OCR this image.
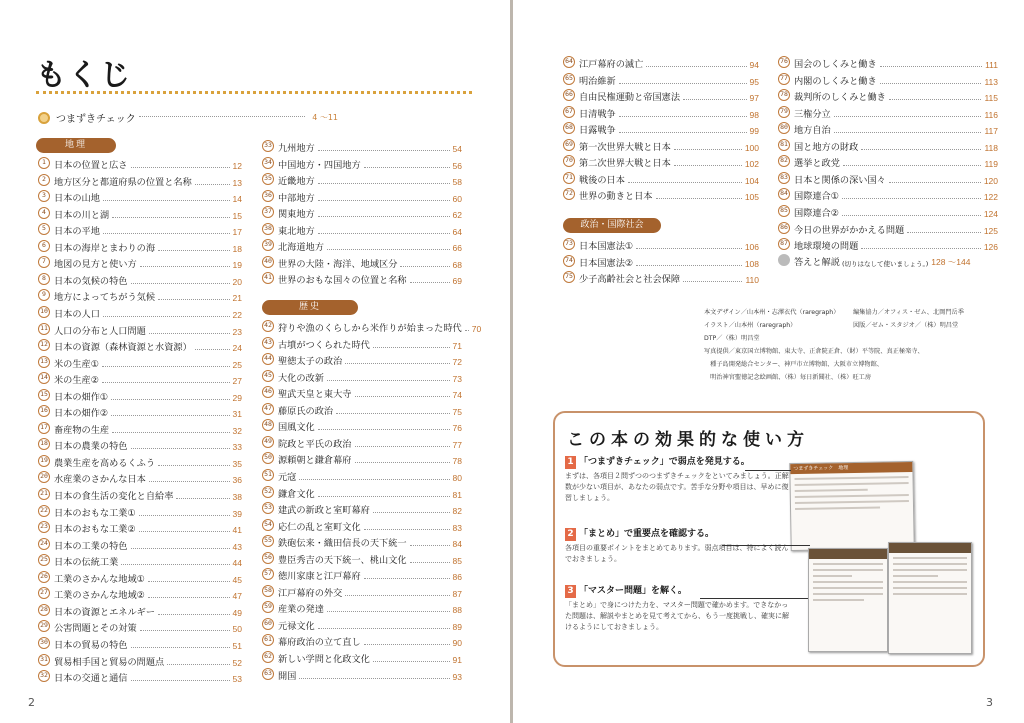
もくじ
つまずきチェック	4 ～11
地理
歴史
1 日本の位置と広さ	12
2 地方区分と都道府県の位置と名称	13
3 日本の山地	14
4 日本の川と湖	15
5 日本の平地	17
6 日本の海岸とまわりの海	18
7 地図の見方と使い方	19
8 日本の気候の特色	20
9 地方によってちがう気候	21
10 日本の人口	22
11 人口の分布と人口問題	23
12 日本の資源（森林資源と水資源）	24
13 米の生産①	25
14 米の生産②	27
15 日本の畑作①	29
16 日本の畑作②	31
17 畜産物の生産	32
18 日本の農業の特色	33
19 農業生産を高めるくふう	35
20 水産業のさかんな日本	36
21 日本の食生活の変化と自給率	38
22 日本のおもな工業①	39
23 日本のおもな工業②	41
24 日本の工業の特色	43
25 日本の伝統工業	44
26 工業のさかんな地域①	45
27 工業のさかんな地域②	47
28 日本の資源とエネルギー	49
29 公害問題とその対策	50
30 日本の貿易の特色	51
31 貿易相手国と貿易の問題点	52
32 日本の交通と通信	53
33 九州地方	54
34 中国地方・四国地方	56
35 近畿地方	58
36 中部地方	60
37 関東地方	62
38 東北地方	64
39 北海道地方	66
40 世界の大陸・海洋、地域区分	68
41 世界のおもな国々の位置と名称	69
42 狩りや漁のくらしから米作りが始まった時代 70
43 古墳がつくられた時代	71
44 聖徳太子の政治	72
45 大化の改新	73
46 聖武天皇と東大寺	74
47 藤原氏の政治	75
48 国風文化	76
49 院政と平氏の政治	77
50 源頼朝と鎌倉幕府	78
51 元寇	80
52 鎌倉文化	81
53 建武の新政と室町幕府	82
54 応仁の乱と室町文化	83
55 鉄砲伝来・織田信長の天下統一	84
56 豊臣秀吉の天下統一、桃山文化	85
57 徳川家康と江戸幕府	86
58 江戸幕府の外交	87
59 産業の発達	88
60 元禄文化	89
61 幕府政治の立て直し	90
62 新しい学問と化政文化	91
63 開国	93
2
64 江戸幕府の滅亡	94
65 明治維新	95
66 自由民権運動と帝国憲法	97
67 日清戦争	98
68 日露戦争	99
69 第一次世界大戦と日本	100
70 第二次世界大戦と日本	102
71 戦後の日本	104
72 世界の動きと日本	105
政治・国際社会
73 日本国憲法①	106
74 日本国憲法②	108
75 少子高齢社会と社会保障	110
76 国会のしくみと働き	111
77 内閣のしくみと働き	113
78 裁判所のしくみと働き	115
79 三権分立	116
80 地方自治	117
81 国と地方の財政	118
82 選挙と政党	119
83 日本と関係の深い国々	120
84 国際連合①	122
85 国際連合②	124
86 今日の世界がかかえる問題	125
87 地球環境の問題	126
答えと解説 (切りはなして使いましょう。) 128 ～144
3
本文デザイン／山本州・志澤衣代（raregraph）
イラスト／山本州（raregraph）
DTP／（株）明昌堂
写真提供／東京国立博物館、東大寺、正倉院正倉、（財）平等院、真正極楽寺、
　種子島開発総合センター、神戸市立博物館、大阪市立博物館、
　明治神宮聖徳記念絵画館、（株）毎日新聞社、（株）旺工房
編集協力／オフィス・ゼム、北岡門岳季
図版／ゼム・スタジオ／（株）明昌堂
この本の効果的な使い方
1 「つまずきチェック」で弱点を発見する。
まずは、各項目２問ずつのつまずきチェックをといてみましょう。正解数が少ない項目が、あなたの弱点です。苦手な分野や項目は、早めに復習しましょう。
2 「まとめ」で重要点を確認する。
各項目の重要ポイントをまとめてあります。弱点項目は、特によく読んでおきましょう。
3 「マスター問題」を解く。
「まとめ」で身につけた力を、マスター問題で確かめます。できなかった問題は、解説やまとめを見て考えてから、もう一度挑戦し、確実に解けるようにしておきましょう。
つまずきチェック　地理
